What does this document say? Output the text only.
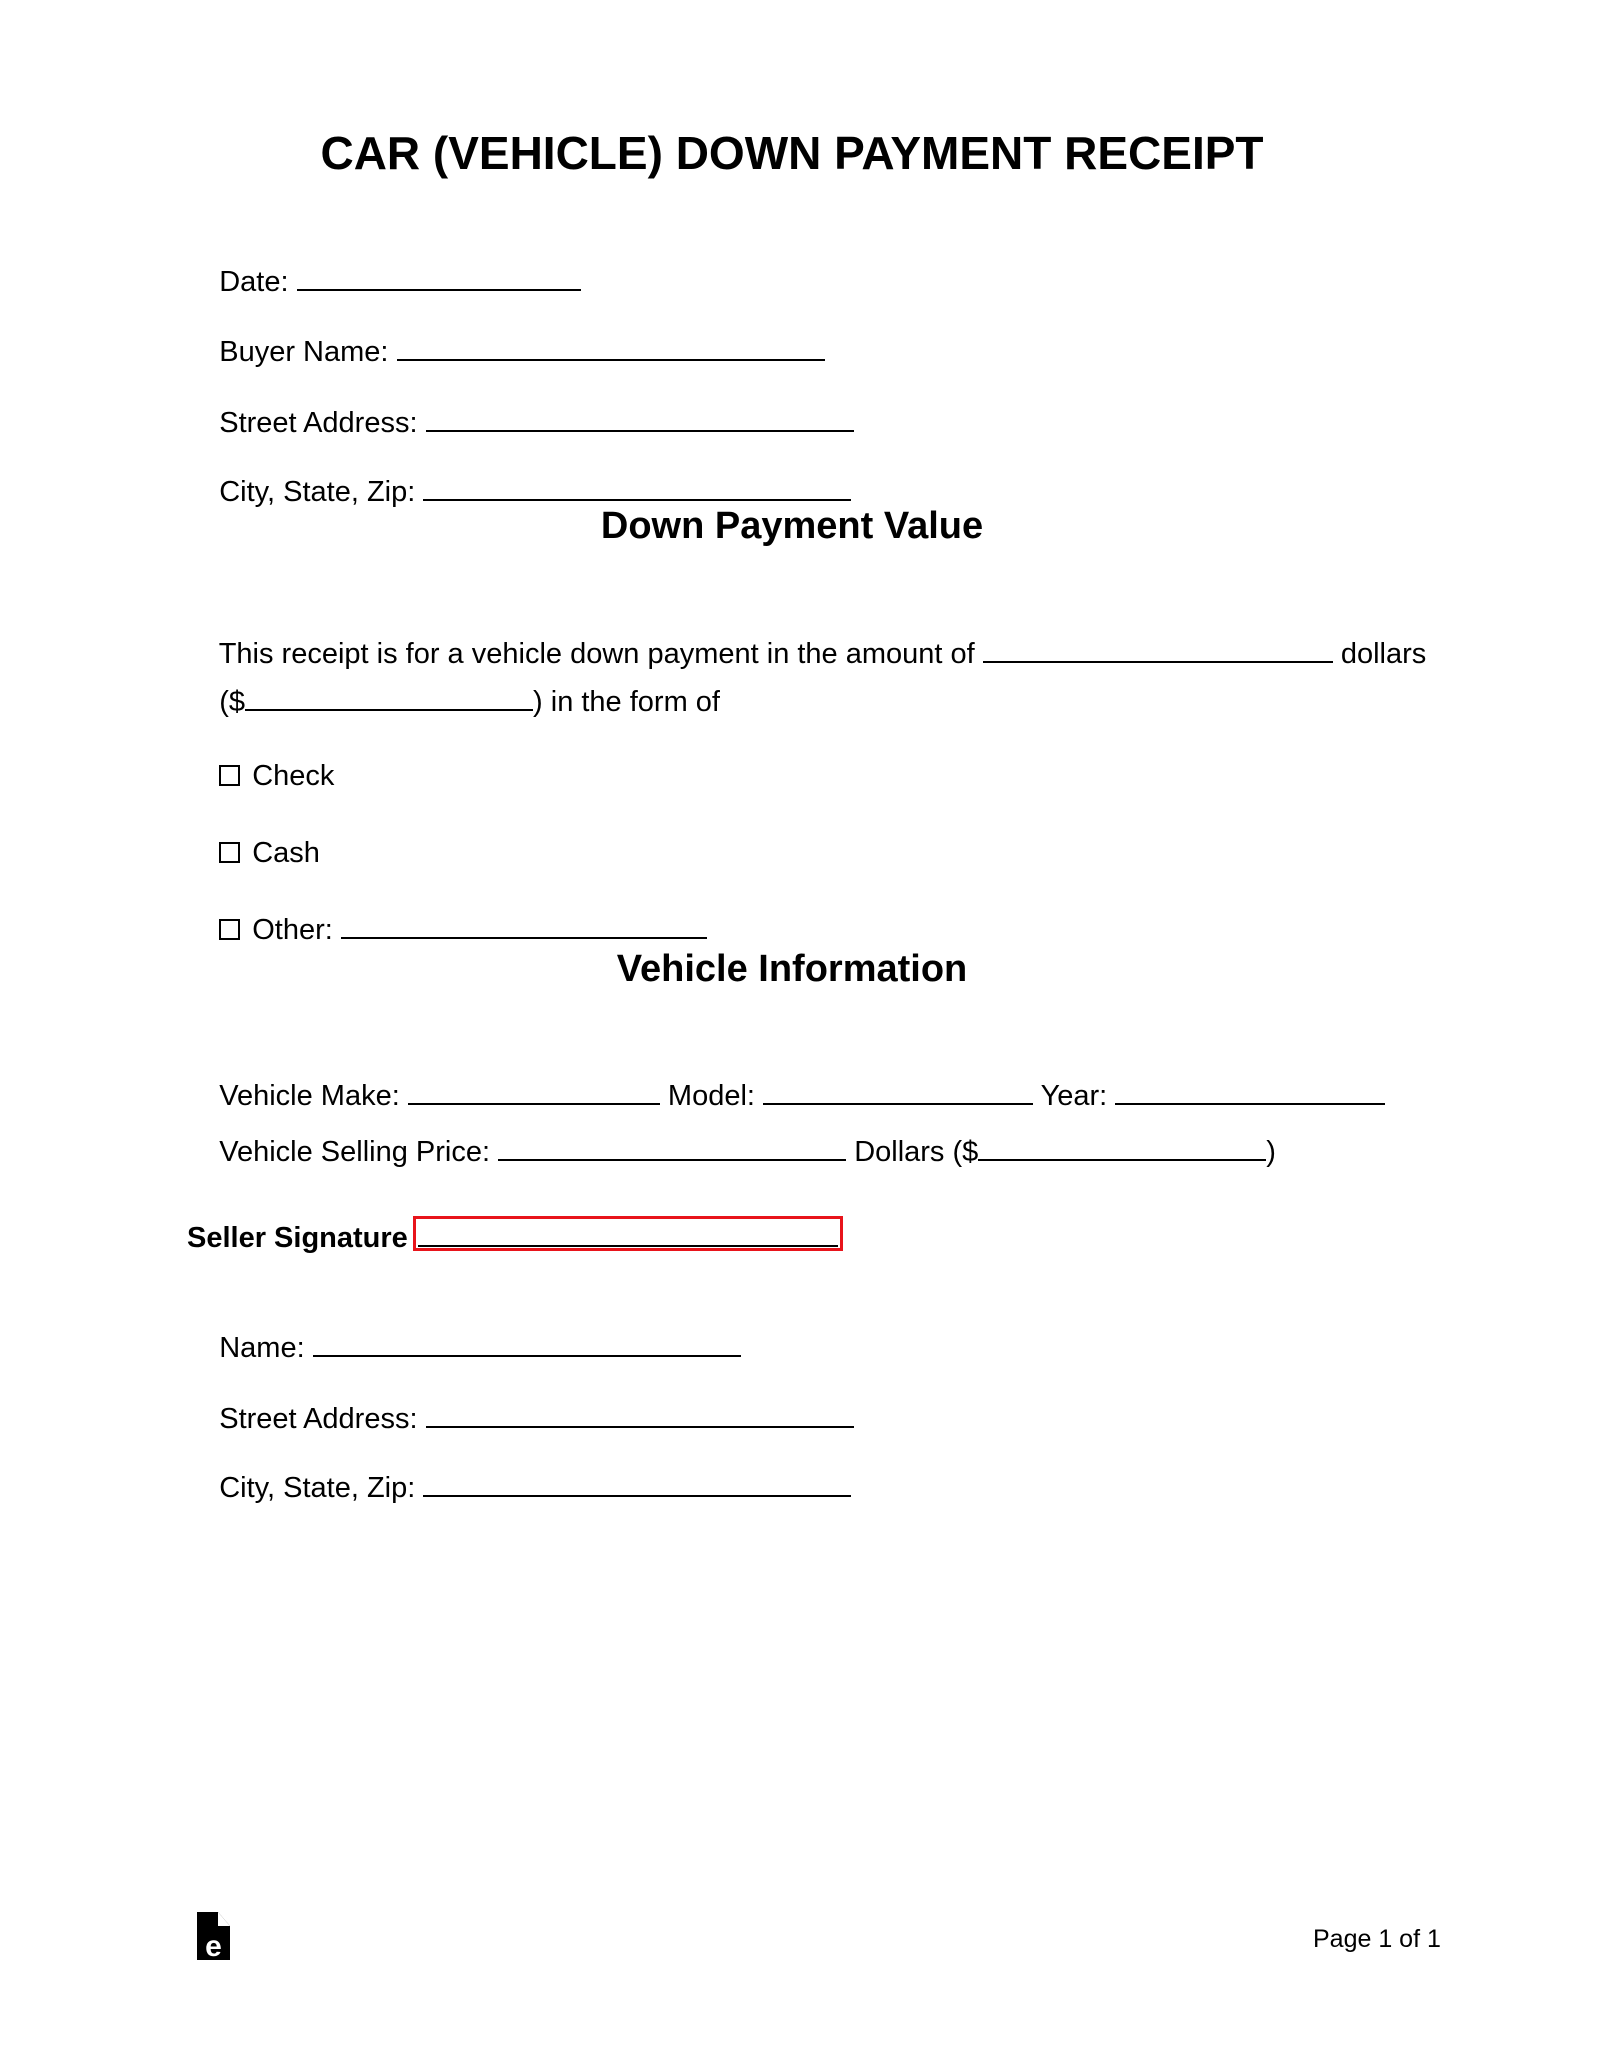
CAR (VEHICLE) DOWN PAYMENT RECEIPT

Date:

Buyer Name:

Street Address:

City, State, Zip:

Down Payment Value

This receipt is for a vehicle down payment in the amount of	dollars

($	) in the form of

Check

Cash

Other:

Vehicle Information

Vehicle Make:	Model:	Year:

Vehicle Selling Price:	Dollars ($	)

Seller Signature

Name:

Street Address:

City, State, Zip:

e	Page 1 of 1
